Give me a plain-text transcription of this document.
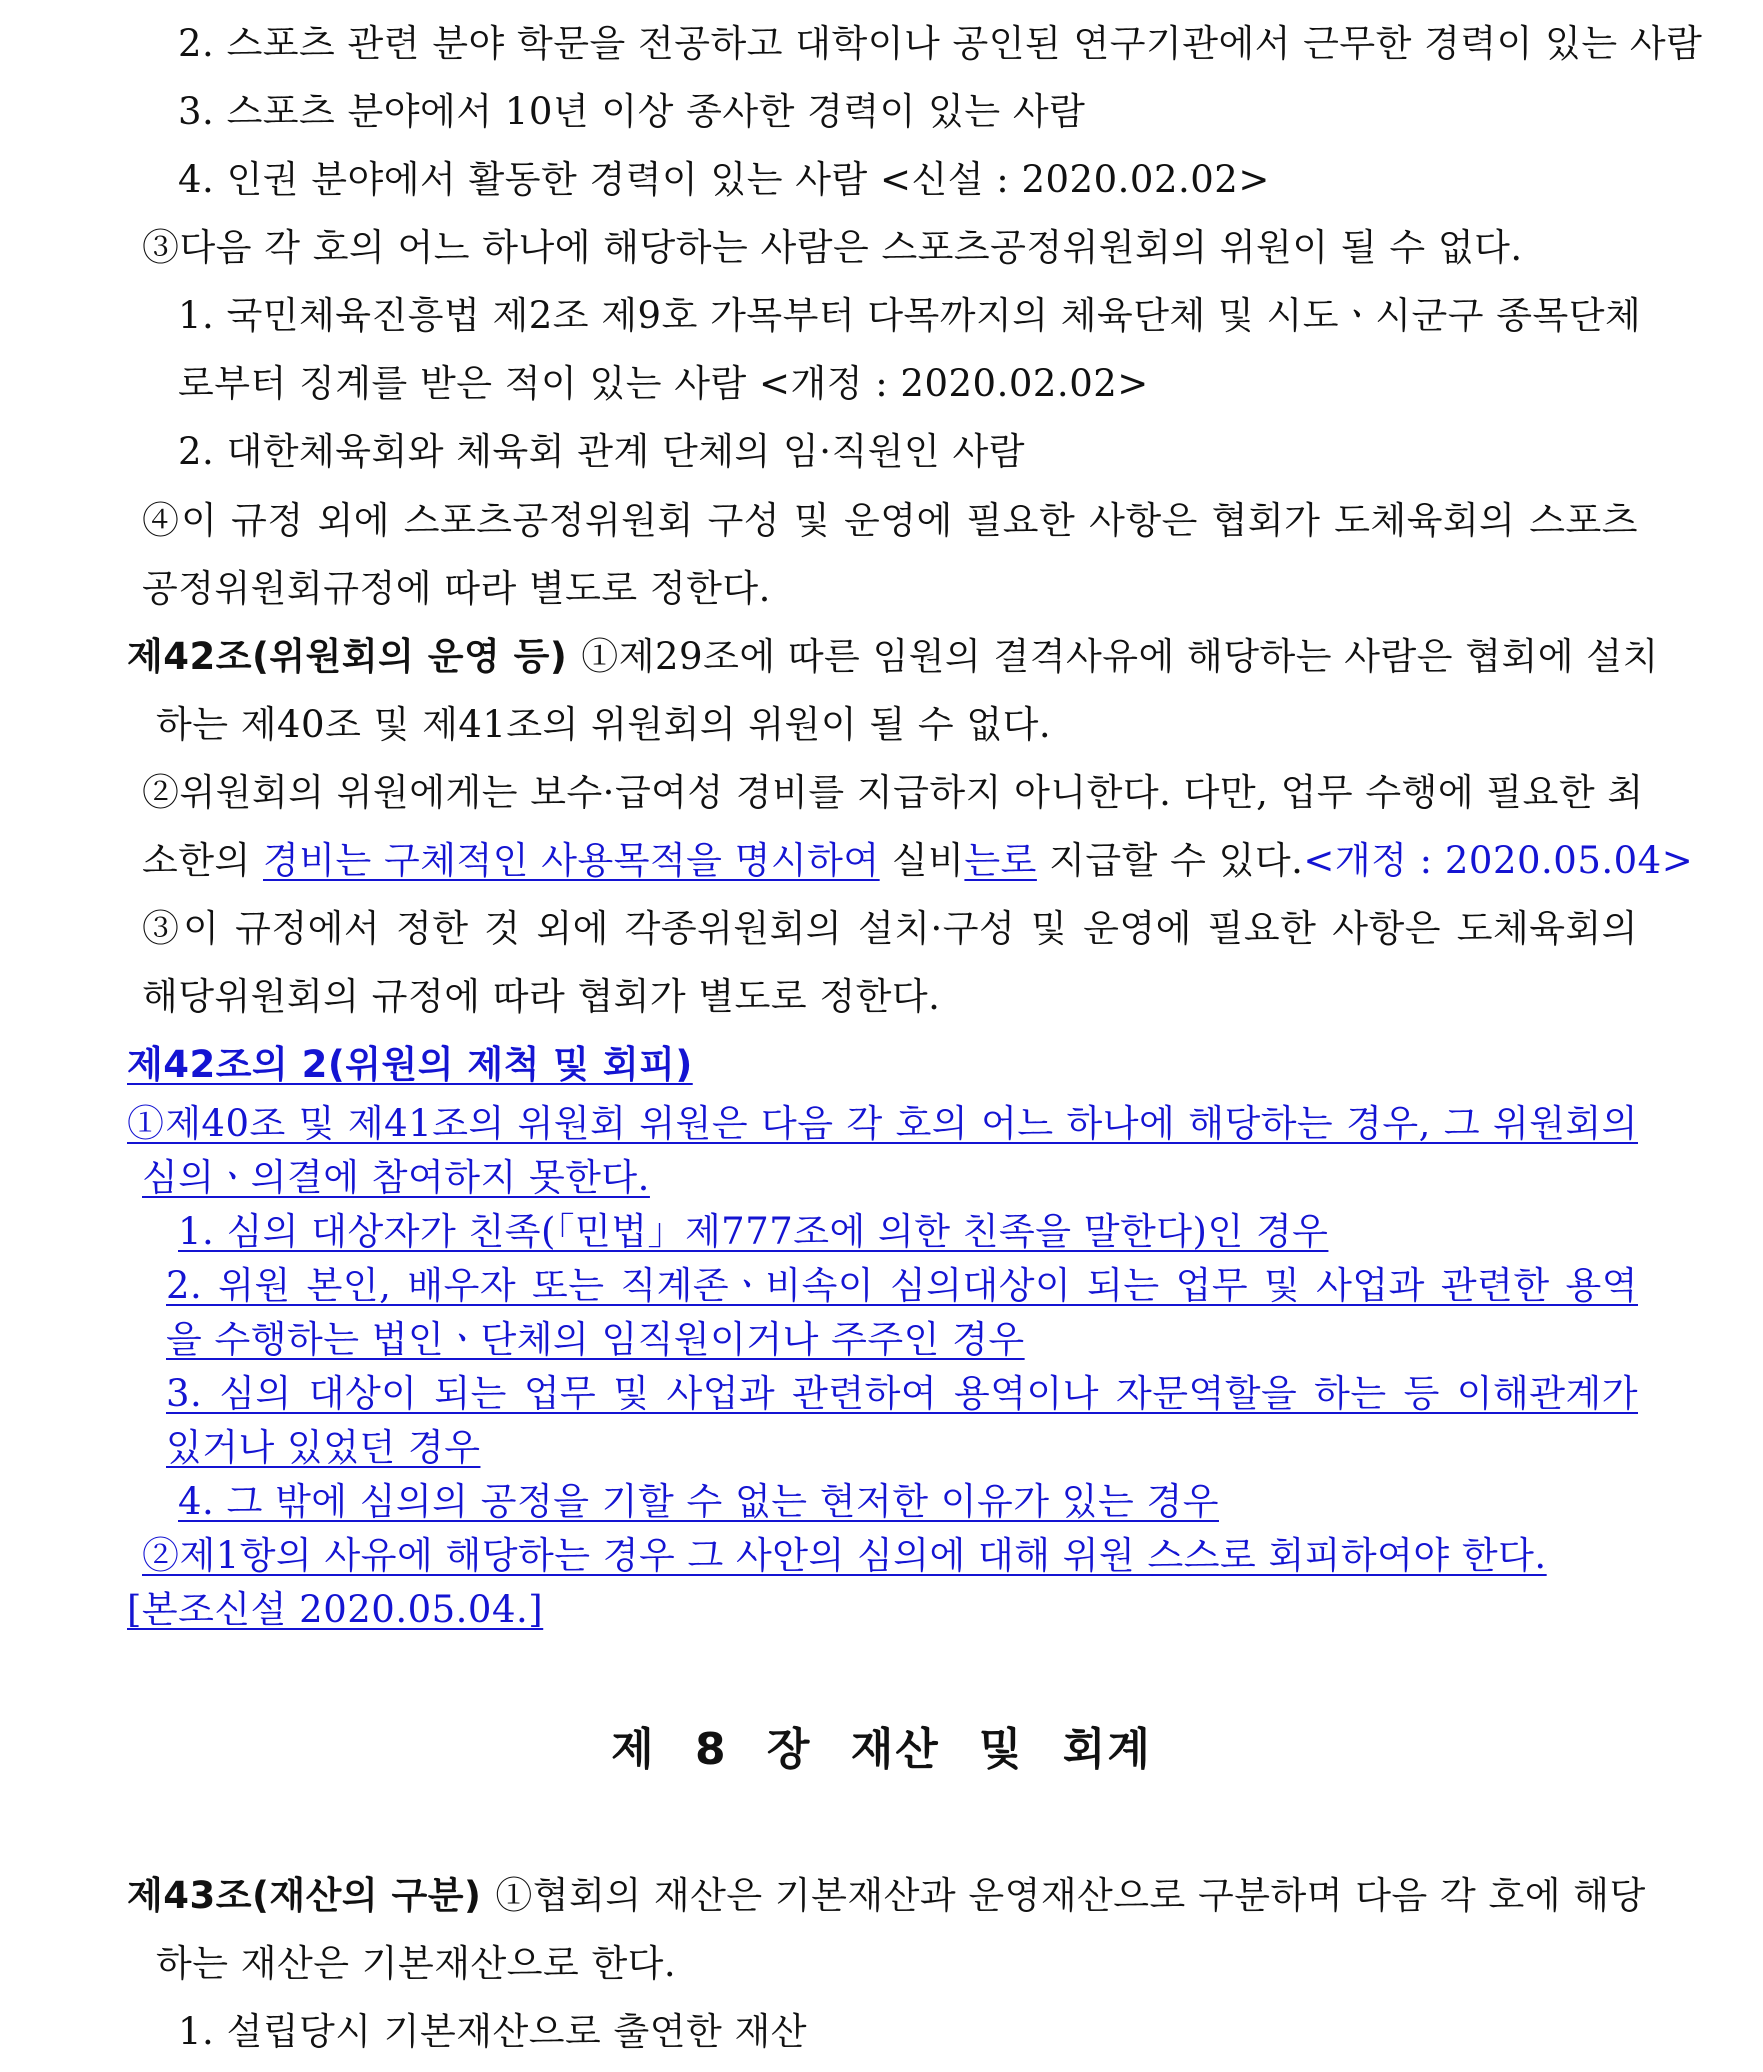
2. 스포츠 관련 분야 학문을 전공하고 대학이나 공인된 연구기관에서 근무한 경력이 있는 사람
3. 스포츠 분야에서 10년 이상 종사한 경력이 있는 사람
4. 인권 분야에서 활동한 경력이 있는 사람 <신설 : 2020.02.02>
③다음 각 호의 어느 하나에 해당하는 사람은 스포츠공정위원회의 위원이 될 수 없다.
1. 국민체육진흥법 제2조 제9호 가목부터 다목까지의 체육단체 및 시도ㆍ시군구 종목단체
로부터 징계를 받은 적이 있는 사람 <개정 : 2020.02.02>
2. 대한체육회와 체육회 관계 단체의 임·직원인 사람
④이 규정 외에 스포츠공정위원회 구성 및 운영에 필요한 사항은 협회가 도체육회의 스포츠
공정위원회규정에 따라 별도로 정한다.
제42조(위원회의 운영 등) ①제29조에 따른 임원의 결격사유에 해당하는 사람은 협회에 설치
하는 제40조 및 제41조의 위원회의 위원이 될 수 없다.
②위원회의 위원에게는 보수·급여성 경비를 지급하지 아니한다. 다만, 업무 수행에 필요한 최
소한의 경비는 구체적인 사용목적을 명시하여 실비는로 지급할 수 있다.<개정 : 2020.05.04>
③이 규정에서 정한 것 외에 각종위원회의 설치·구성 및 운영에 필요한 사항은 도체육회의
해당위원회의 규정에 따라 협회가 별도로 정한다.
제42조의 2(위원의 제척 및 회피)
①제40조 및 제41조의 위원회 위원은 다음 각 호의 어느 하나에 해당하는 경우, 그 위원회의
심의ㆍ의결에 참여하지 못한다.
1. 심의 대상자가 친족(「민법」제777조에 의한 친족을 말한다)인 경우
2. 위원 본인, 배우자 또는 직계존ㆍ비속이 심의대상이 되는 업무 및 사업과 관련한 용역
을 수행하는 법인ㆍ단체의 임직원이거나 주주인 경우
3. 심의 대상이 되는 업무 및 사업과 관련하여 용역이나 자문역할을 하는 등 이해관계가
있거나 있었던 경우
4. 그 밖에 심의의 공정을 기할 수 없는 현저한 이유가 있는 경우
②제1항의 사유에 해당하는 경우 그 사안의 심의에 대해 위원 스스로 회피하여야 한다.
[본조신설 2020.05.04.]
제 8 장 재산 및 회계
제43조(재산의 구분) ①협회의 재산은 기본재산과 운영재산으로 구분하며 다음 각 호에 해당
하는 재산은 기본재산으로 한다.
1. 설립당시 기본재산으로 출연한 재산
